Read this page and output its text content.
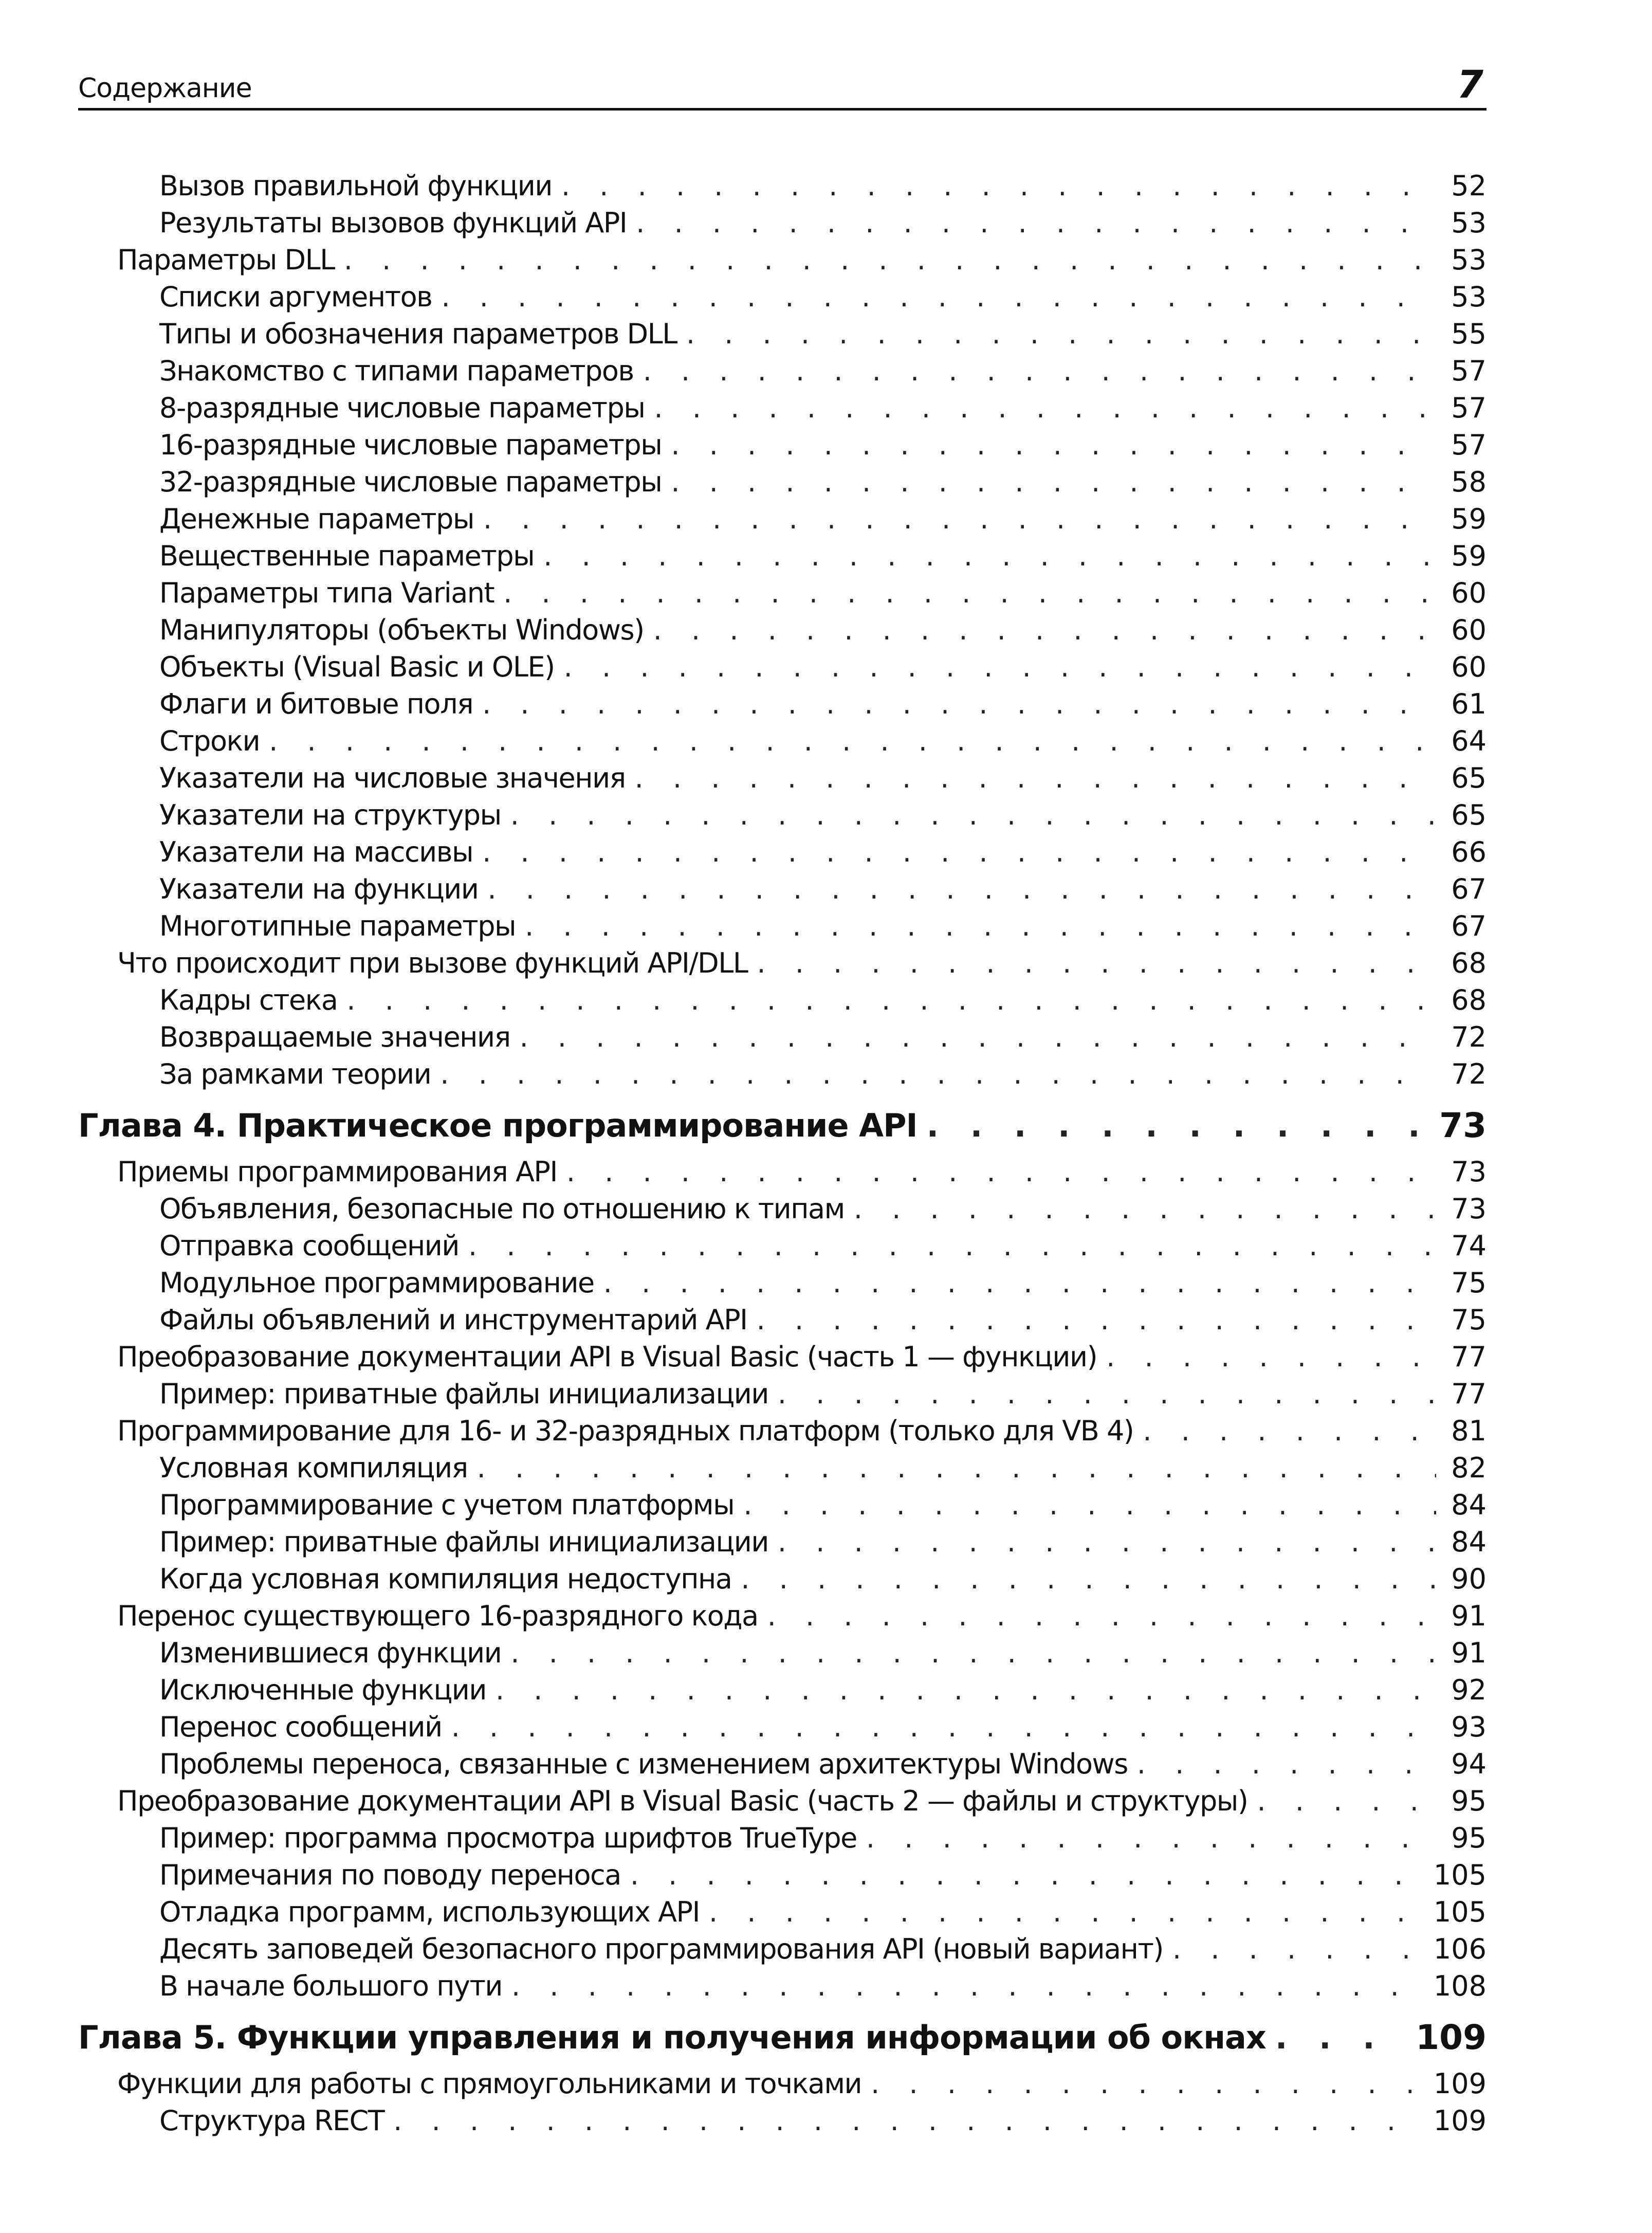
Содержание	7
Вызов правильной функции . . .	52
Результаты вызовов функций API . . .	53
Параметры DLL . . .	53
Списки аргументов . . .	53
Типы и обозначения параметров DLL . . .	55
Знакомство с типами параметров . . .	57
8-разрядные числовые параметры . . .	57
16-разрядные числовые параметры . . .	57
32-разрядные числовые параметры . . .	58
Денежные параметры . . .	59
Вещественные параметры . . .	59
Параметры типа Variant . . .	60
Манипуляторы (объекты Windows) . . .	60
Объекты (Visual Basic и OLE) . . .	60
Флаги и битовые поля . . .	61
Строки . . .	64
Указатели на числовые значения . . .	65
Указатели на структуры . . .	65
Указатели на массивы . . .	66
Указатели на функции . . .	67
Многотипные параметры . . .	67
Что происходит при вызове функций API/DLL . . .	68
Кадры стека . . .	68
Возвращаемые значения . . .	72
За рамками теории . . .	72
Глава 4. Практическое программирование API . . .	73
Приемы программирования API . . .	73
Объявления, безопасные по отношению к типам . . .	73
Отправка сообщений . . .	74
Модульное программирование . . .	75
Файлы объявлений и инструментарий API . . .	75
Преобразование документации API в Visual Basic (часть 1 — функции) . . .	77
Пример: приватные файлы инициализации . . .	77
Программирование для 16- и 32-разрядных платформ (только для VB 4) . . .	81
Условная компиляция . . .	82
Программирование с учетом платформы . . .	84
Пример: приватные файлы инициализации . . .	84
Когда условная компиляция недоступна . . .	90
Перенос существующего 16-разрядного кода . . .	91
Изменившиеся функции . . .	91
Исключенные функции . . .	92
Перенос сообщений . . .	93
Проблемы переноса, связанные с изменением архитектуры Windows . . .	94
Преобразование документации API в Visual Basic (часть 2 — файлы и структуры) . . .	95
Пример: программа просмотра шрифтов TrueType . . .	95
Примечания по поводу переноса . . .	105
Отладка программ, использующих API . . .	105
Десять заповедей безопасного программирования API (новый вариант) . . .	106
В начале большого пути . . .	108
Глава 5. Функции управления и получения информации об окнах . . .	109
Функции для работы с прямоугольниками и точками . . .	109
Структура RECT . . .	109
